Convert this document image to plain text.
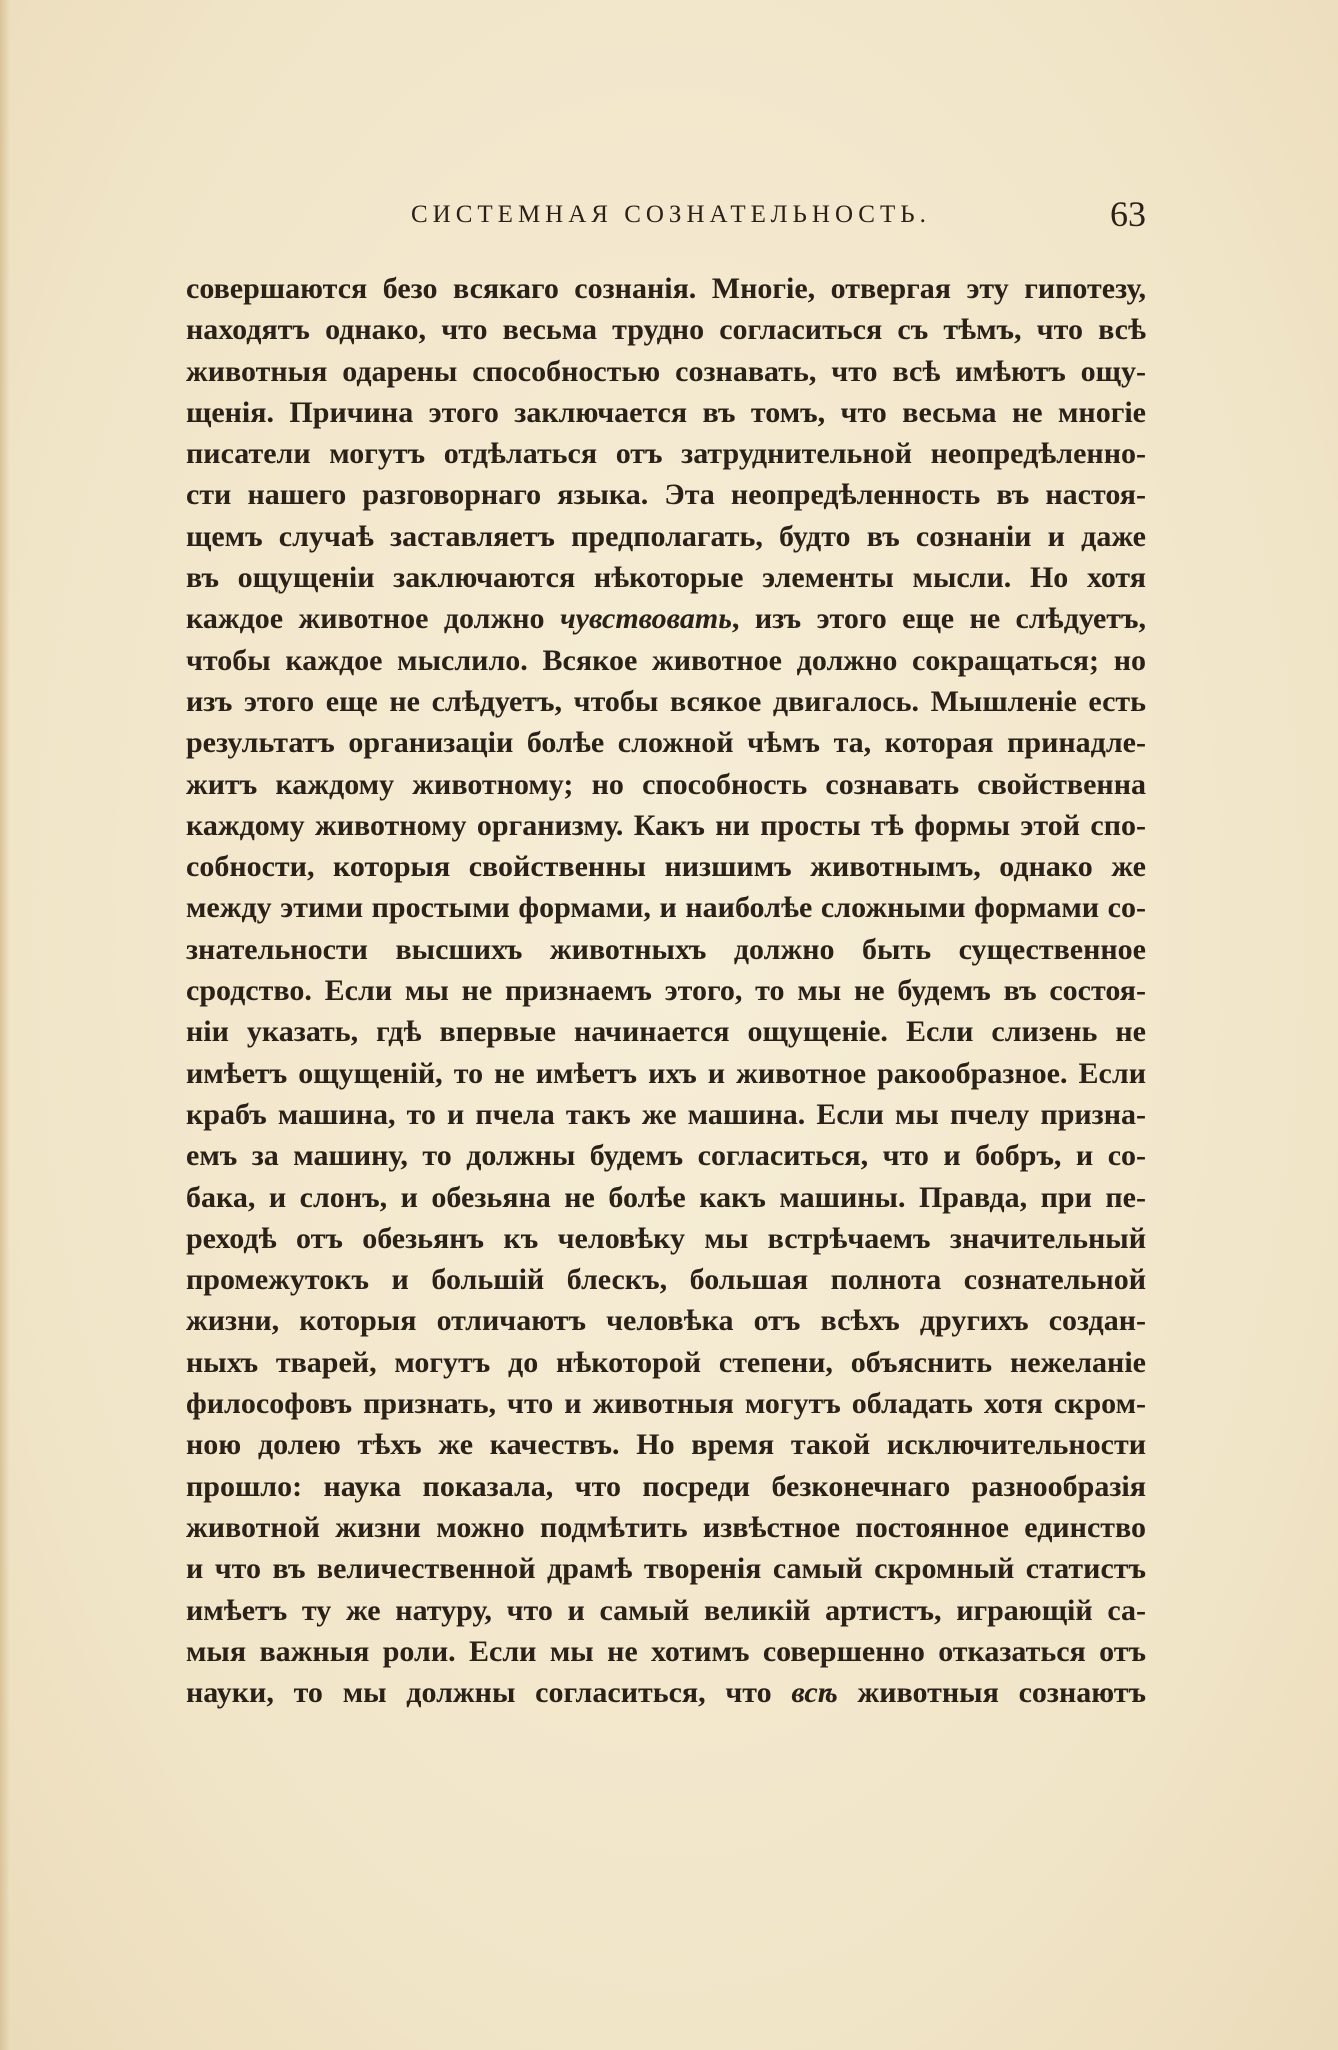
СИСТЕМНАЯ СОЗНАТЕЛЬНОСТЬ.	63
совершаются безо всякаго сознанія. Многіе, отвергая эту гипотезу,
находятъ однако, что весьма трудно согласиться съ тѣмъ, что всѣ
животныя одарены способностью сознавать, что всѣ имѣютъ ощу-
щенія. Причина этого заключается въ томъ, что весьма не многіе
писатели могутъ отдѣлаться отъ затруднительной неопредѣленно-
сти нашего разговорнаго языка. Эта неопредѣленность въ настоя-
щемъ случаѣ заставляетъ предполагать, будто въ сознаніи и даже
въ ощущеніи заключаются нѣкоторые элементы мысли. Но хотя
каждое животное должно чувствовать, изъ этого еще не слѣдуетъ,
чтобы каждое мыслило. Всякое животное должно сокращаться; но
изъ этого еще не слѣдуетъ, чтобы всякое двигалось. Мышленіе есть
результатъ организаціи болѣе сложной чѣмъ та, которая принадле-
житъ каждому животному; но способность сознавать свойственна
каждому животному организму. Какъ ни просты тѣ формы этой спо-
собности, которыя свойственны низшимъ животнымъ, однако же
между этими простыми формами, и наиболѣе сложными формами со-
знательности высшихъ животныхъ должно быть существенное
сродство. Если мы не признаемъ этого, то мы не будемъ въ состоя-
ніи указать, гдѣ впервые начинается ощущеніе. Если слизень не
имѣетъ ощущеній, то не имѣетъ ихъ и животное ракообразное. Если
крабъ машина, то и пчела такъ же машина. Если мы пчелу призна-
емъ за машину, то должны будемъ согласиться, что и бобръ, и со-
бака, и слонъ, и обезьяна не болѣе какъ машины. Правда, при пе-
реходѣ отъ обезьянъ къ человѣку мы встрѣчаемъ значительный
промежутокъ и большій блескъ, большая полнота сознательной
жизни, которыя отличаютъ человѣка отъ всѣхъ другихъ создан-
ныхъ тварей, могутъ до нѣкоторой степени, объяснить нежеланіе
философовъ признать, что и животныя могутъ обладать хотя скром-
ною долею тѣхъ же качествъ. Но время такой исключительности
прошло: наука показала, что посреди безконечнаго разнообразія
животной жизни можно подмѣтить извѣстное постоянное единство
и что въ величественной драмѣ творенія самый скромный статистъ
имѣетъ ту же натуру, что и самый великій артистъ, играющій са-
мыя важныя роли. Если мы не хотимъ совершенно отказаться отъ
науки, то мы должны согласиться, что всѣ животныя сознаютъ
